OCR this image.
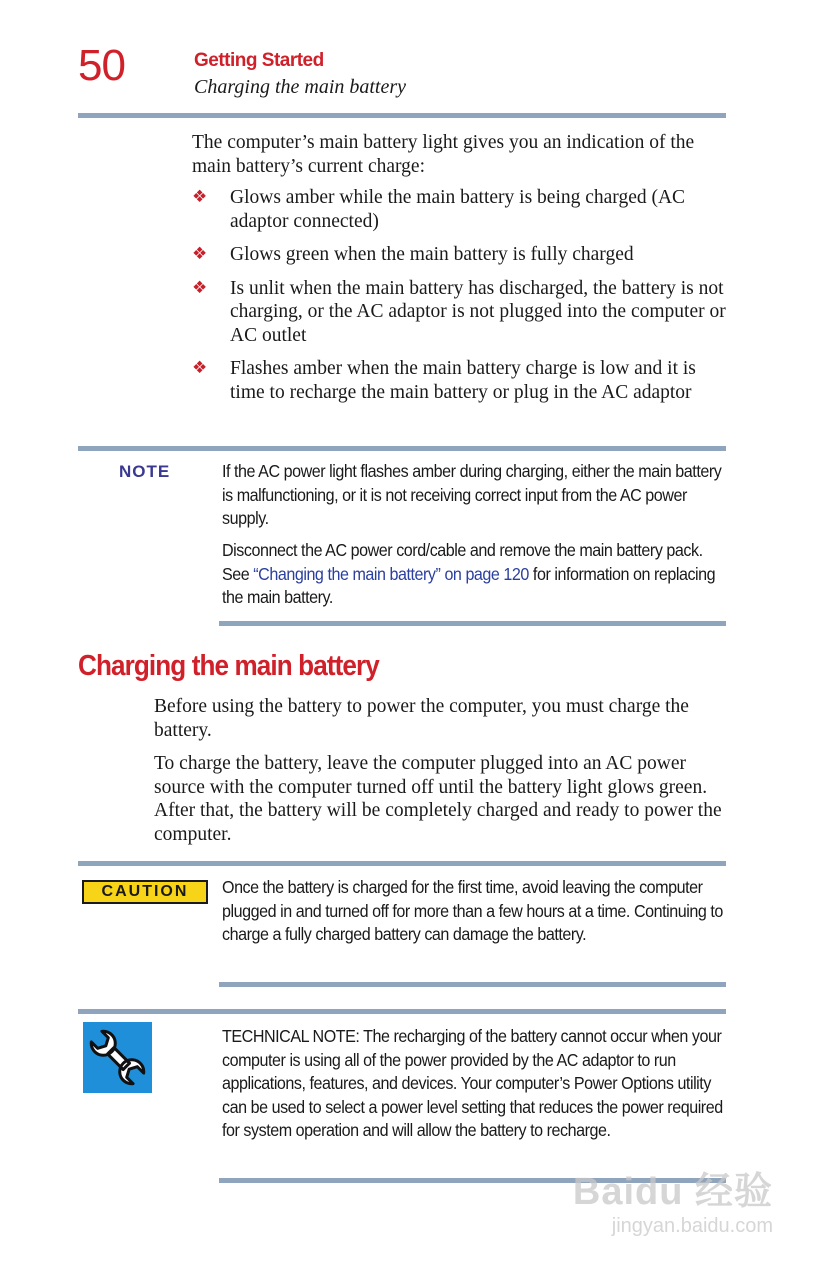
50	Getting Started
Charging the main battery
The computer’s main battery light gives you an indication of the main battery’s current charge:
❖ Glows amber while the main battery is being charged (AC adaptor connected)
❖ Glows green when the main battery is fully charged
❖ Is unlit when the main battery has discharged, the battery is not charging, or the AC adaptor is not plugged into the computer or AC outlet
❖ Flashes amber when the main battery charge is low and it is time to recharge the main battery or plug in the AC adaptor
NOTE	If the AC power light flashes amber during charging, either the main battery is malfunctioning, or it is not receiving correct input from the AC power supply.
Disconnect the AC power cord/cable and remove the main battery pack. See “Changing the main battery” on page 120 for information on replacing the main battery.
Charging the main battery
Before using the battery to power the computer, you must charge the battery.
To charge the battery, leave the computer plugged into an AC power source with the computer turned off until the battery light glows green. After that, the battery will be completely charged and ready to power the computer.
CAUTION	Once the battery is charged for the first time, avoid leaving the computer plugged in and turned off for more than a few hours at a time. Continuing to charge a fully charged battery can damage the battery.
TECHNICAL NOTE: The recharging of the battery cannot occur when your computer is using all of the power provided by the AC adaptor to run applications, features, and devices. Your computer’s Power Options utility can be used to select a power level setting that reduces the power required for system operation and will allow the battery to recharge.
Baidu 经验
jingyan.baidu.com
